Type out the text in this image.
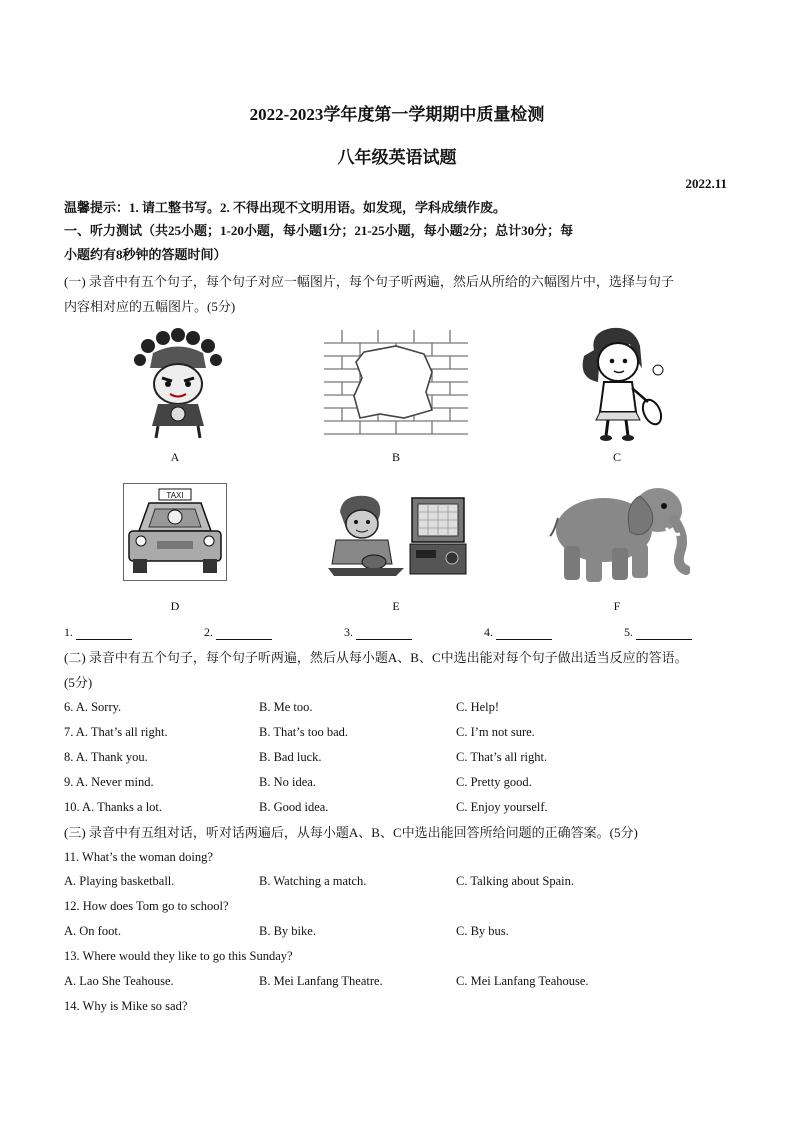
2022-2023学年度第一学期期中质量检测
八年级英语试题
2022.11
温馨提示：1. 请工整书写。2. 不得出现不文明用语。如发现，学科成绩作废。
一、听力测试（共25小题；1-20小题，每小题1分；21-25小题，每小题2分；总计30分；每
小题约有8秒钟的答题时间）
(一) 录音中有五个句子，每个句子对应一幅图片，每个句子听两遍，然后从所给的六幅图片中，选择与句子
内容相对应的五幅图片。(5分)
A	B	C
TAXI
D	E	F
1.	2.	3.	4.	5.
(二) 录音中有五个句子，每个句子听两遍，然后从每小题A、B、C中选出能对每个句子做出适当反应的答语。
(5分)
6. A. Sorry.	B. Me too.	C. Help!
7. A. That’s all right.	B. That’s too bad.	C. I’m not sure.
8. A. Thank you.	B. Bad luck.	C. That’s all right.
9. A. Never mind.	B. No idea.	C. Pretty good.
10. A. Thanks a lot.	B. Good idea.	C. Enjoy yourself.
(三) 录音中有五组对话，听对话两遍后，从每小题A、B、C中选出能回答所给问题的正确答案。(5分)
11. What’s the woman doing?
A. Playing basketball.	B. Watching a match.	C. Talking about Spain.
12. How does Tom go to school?
A. On foot.	B. By bike.	C. By bus.
13. Where would they like to go this Sunday?
A. Lao She Teahouse.	B. Mei Lanfang Theatre.	C. Mei Lanfang Teahouse.
14. Why is Mike so sad?
